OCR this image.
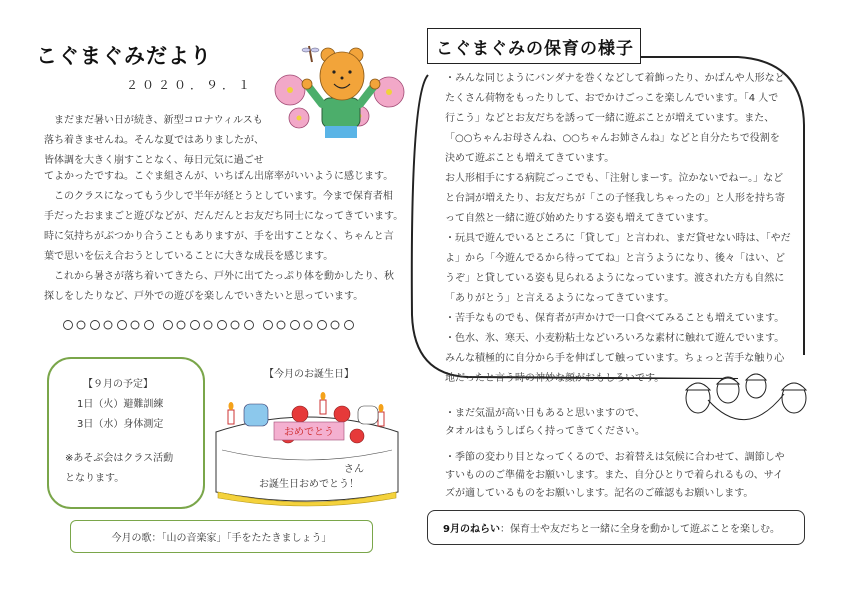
こぐまぐみだより
２０２０．９．１

　まだまだ暑い日が続き、新型コロナウィルスも

落ち着きませんね。そんな夏ではありましたが、

皆体調を大きく崩すことなく、毎日元気に過ごせ

てよかったですね。こぐま組さんが、いちばん出席率がいいように感じます。

　このクラスになってもう少しで半年が経とうとしています。今まで保育者相

手だったおままごと遊びなどが、だんだんとお友だち同士になってきています。

時に気持ちがぶつかり合うこともありますが、手を出すことなく、ちゃんと言

葉で思いを伝え合おうとしていることに大きな成長を感じます。

　これから暑さが落ち着いてきたら、戸外に出てたっぷり体を動かしたり、秋

探しをしたりなど、戸外での遊びを楽しんでいきたいと思っています。

【９月の予定】
1日（火）避難訓練
3日（水）身体測定
※あそぶ会はクラス活動
となります。
【今月のお誕生日】
おめでとう
さん
お誕生日おめでとう！
今月の歌：「山の音楽家」「手をたたきましょう」
こぐまぐみの保育の様子

・みんな同じようにバンダナを巻くなどして着飾ったり、かばんや人形など

たくさん荷物をもったりして、おでかけごっこを楽しんでいます。「4 人で

行こう」などとお友だちを誘って一緒に遊ぶことが増えています。また、

「○○ちゃんお母さんね、○○ちゃんお姉さんね」などと自分たちで役割を

決めて遊ぶことも増えてきています。

お人形相手にする病院ごっこでも、「注射しまーす。泣かないでねー。」など

と台詞が増えたり、お友だちが「この子怪我しちゃったの」と人形を持ち寄

って自然と一緒に遊び始めたりする姿も増えてきています。

・玩具で遊んでいるところに「貸して」と言われ、まだ貸せない時は、「やだ

よ」から「今遊んでるから待っててね」と言うようになり、後々「はい、ど

うぞ」と貸している姿も見られるようになっています。渡された方も自然に

「ありがとう」と言えるようになってきています。

・苦手なものでも、保育者が声かけで一口食べてみることも増えています。

・色水、氷、寒天、小麦粉粘土などいろいろな素材に触れて遊んでいます。

みんな積極的に自分から手を伸ばして触っています。ちょっと苦手な触り心

地だったと言う時の神妙な顔がおもしろいです。

・まだ気温が高い日もあると思いますので、

タオルはもうしばらく持ってきてください。

・季節の変わり目となってくるので、お着替えは気候に合わせて、調節しや

すいもののご準備をお願いします。また、自分ひとりで着られるもの、サイ

ズが適しているものをお願いします。記名のご確認もお願いします。

9月のねらい ：保育士や友だちと一緒に全身を動かして遊ぶことを楽しむ。
